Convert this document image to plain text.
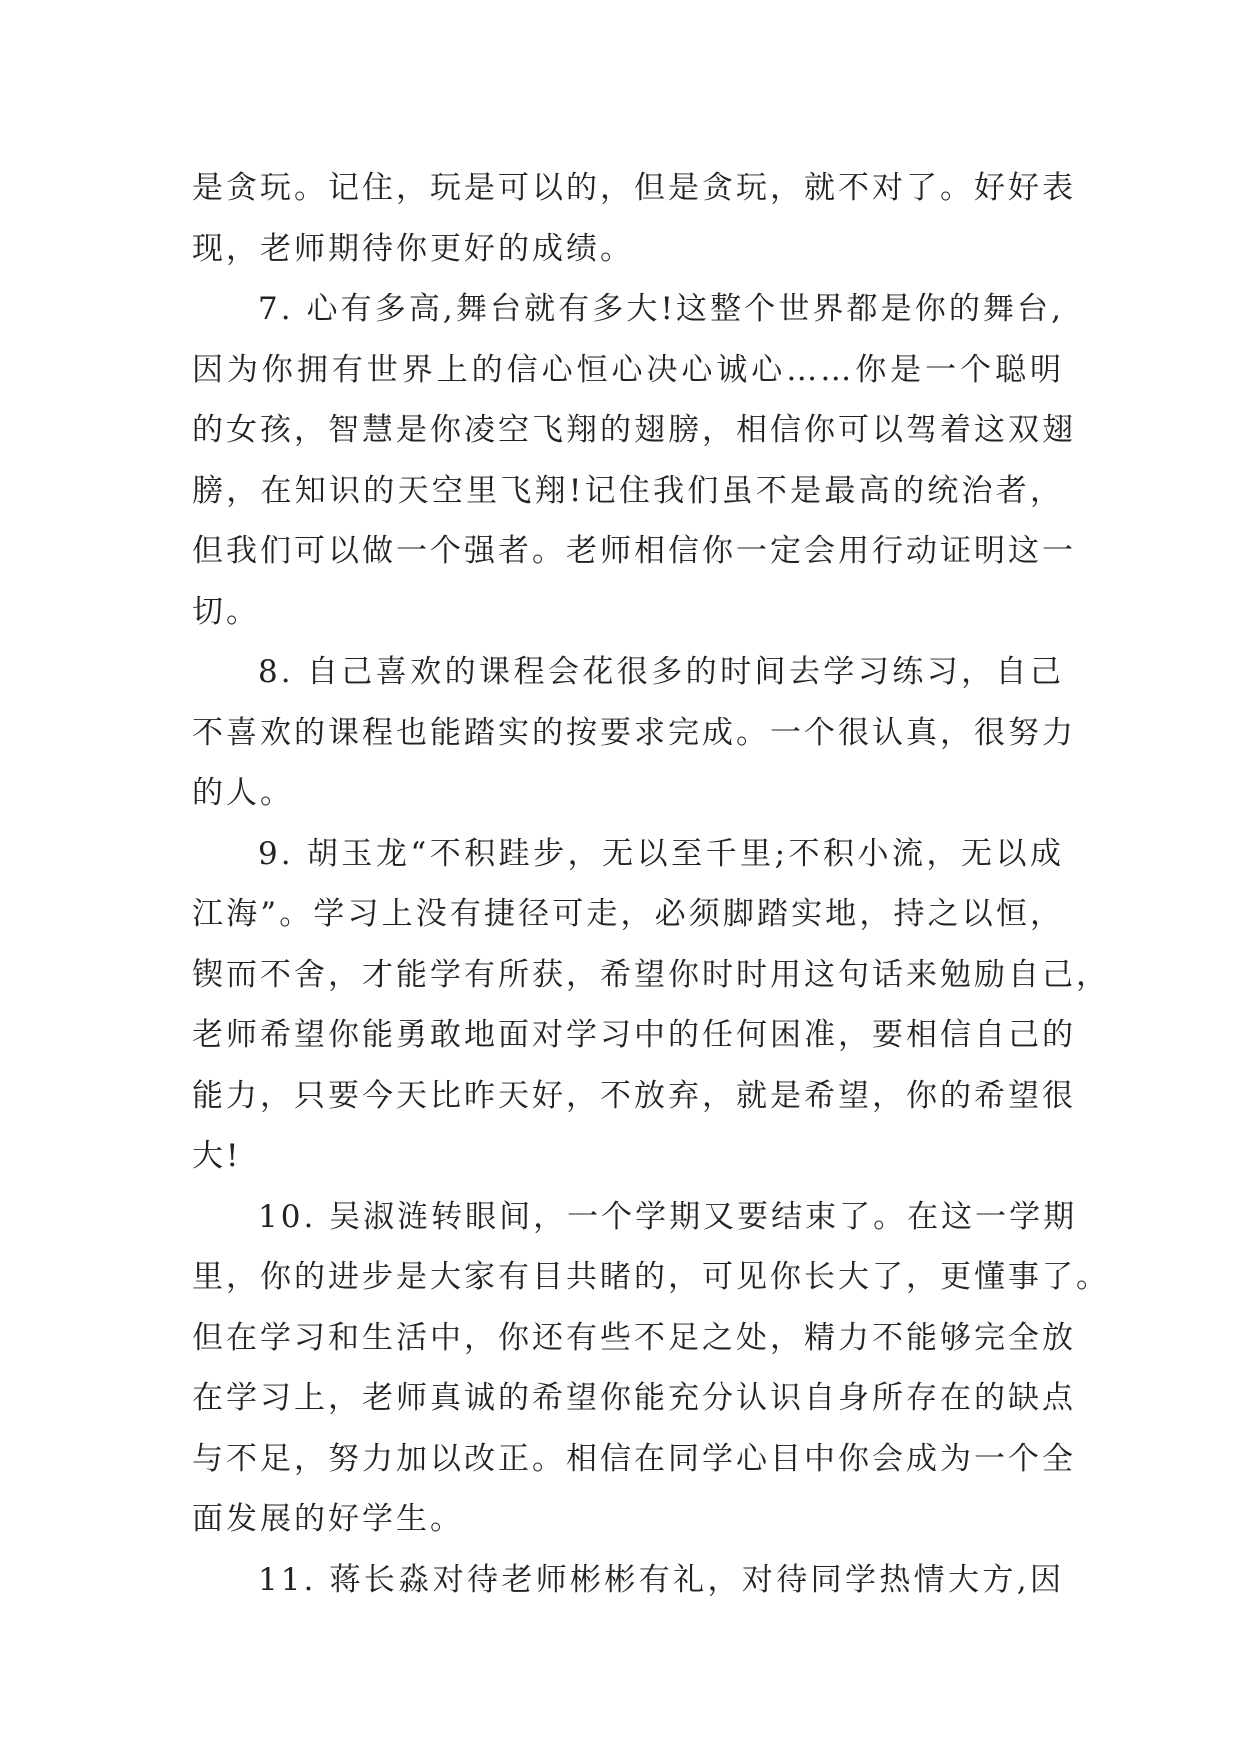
是贪玩。记住，玩是可以的，但是贪玩，就不对了。好好表
现，老师期待你更好的成绩。
7. 心有多高,舞台就有多大!这整个世界都是你的舞台,
因为你拥有世界上的信心恒心决心诚心……你是一个聪明
的女孩，智慧是你凌空飞翔的翅膀，相信你可以驾着这双翅
膀，在知识的天空里飞翔!记住我们虽不是最高的统治者，
但我们可以做一个强者。老师相信你一定会用行动证明这一
切。
8. 自己喜欢的课程会花很多的时间去学习练习，自己
不喜欢的课程也能踏实的按要求完成。一个很认真，很努力
的人。
9. 胡玉龙“不积跬步，无以至千里;不积小流，无以成
江海”。学习上没有捷径可走，必须脚踏实地，持之以恒，
锲而不舍，才能学有所获，希望你时时用这句话来勉励自己，
老师希望你能勇敢地面对学习中的任何困准，要相信自己的
能力，只要今天比昨天好，不放弃，就是希望，你的希望很
大!
10. 吴淑涟转眼间，一个学期又要结束了。在这一学期
里，你的进步是大家有目共睹的，可见你长大了，更懂事了。
但在学习和生活中，你还有些不足之处，精力不能够完全放
在学习上，老师真诚的希望你能充分认识自身所存在的缺点
与不足，努力加以改正。相信在同学心目中你会成为一个全
面发展的好学生。
11. 蒋长淼对待老师彬彬有礼，对待同学热情大方,因
